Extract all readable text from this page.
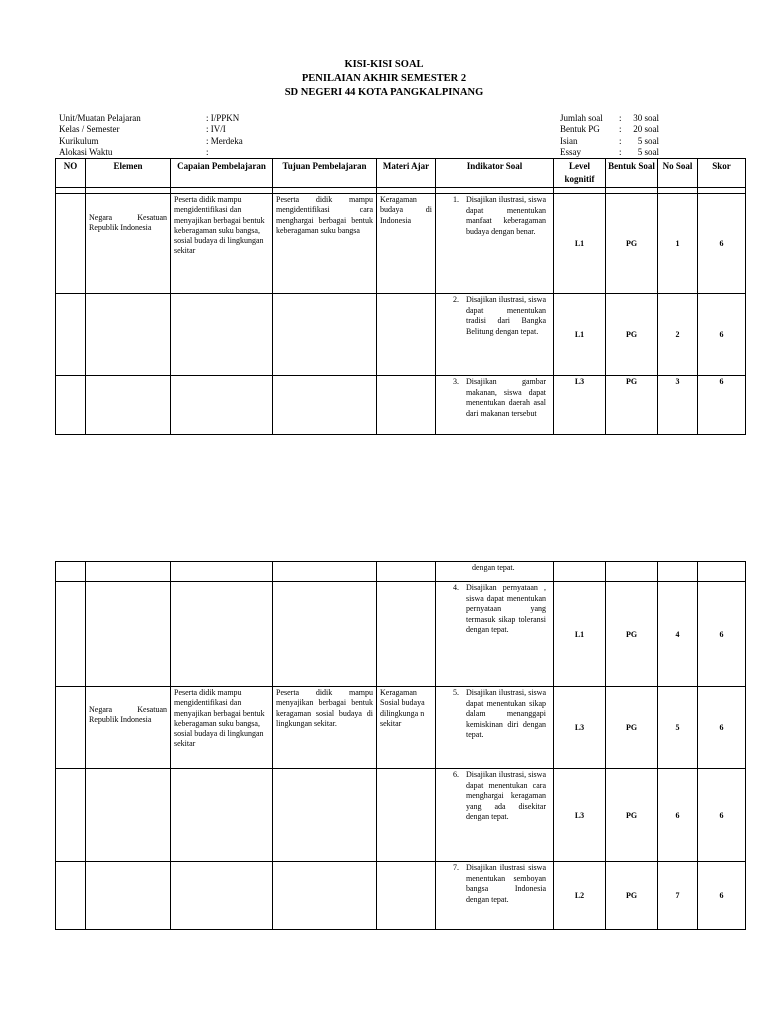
KISI-KISI SOAL
PENILAIAN AKHIR SEMESTER 2
SD NEGERI 44 KOTA PANGKALPINANG
Unit/Muatan Pelajaran	: I/PPKN
Kelas / Semester	: IV/I
Kurikulum	: Merdeka
Alokasi Waktu	:
Jumlah soal :	30 soal
Bentuk PG :	20 soal
Isian	:	5 soal
Essay	:	5 soal
NO	Elemen	Capaian Pembelajaran	Tujuan Pembelajaran	Materi Ajar	Indikator Soal	Level kognitif	Bentuk Soal	No Soal	Skor

	Negara Kesatuan Republik Indonesia	Peserta didik mampu mengidentifikasi dan menyajikan berbagai bentuk keberagaman suku bangsa, sosial budaya di lingkungan sekitar	Peserta didik mampu mengidentifikasi cara menghargai berbagai bentuk keberagaman suku bangsa	Keragaman budaya di Indonesia	1. Disajikan ilustrasi, siswa dapat menentukan manfaat keberagaman budaya dengan benar.	L1	PG	1	6

					2. Disajikan ilustrasi, siswa dapat menentukan tradisi dari Bangka Belitung dengan tepat.	L1	PG	2	6

					3. Disajikan gambar makanan, siswa dapat menentukan daerah asal dari makanan tersebut	L3	PG	3	6

					dengan tepat.				

					4. Disajikan pernyataan , siswa dapat menentukan pernyataan yang termasuk sikap toleransi dengan tepat.	L1	PG	4	6
	Negara Kesatuan Republik Indonesia	Peserta didik mampu mengidentifikasi dan menyajikan berbagai bentuk keberagaman suku bangsa, sosial budaya di lingkungan sekitar	Peserta didik mampu menyajikan berbagai bentuk keragaman sosial budaya di lingkungan sekitar.	Keragaman Sosial budaya dilingkunga n sekitar	5. Disajikan ilustrasi, siswa dapat menentukan sikap dalam menanggapi kemiskinan diri dengan tepat.	L3	PG	5	6

					6. Disajikan ilustrasi, siswa dapat menentukan cara menghargai keragaman yang ada disekitar dengan tepat.	L3	PG	6	6

					7. Disajikan ilustrasi siswa menentukan semboyan bangsa Indonesia dengan tepat.	L2	PG	7	6
